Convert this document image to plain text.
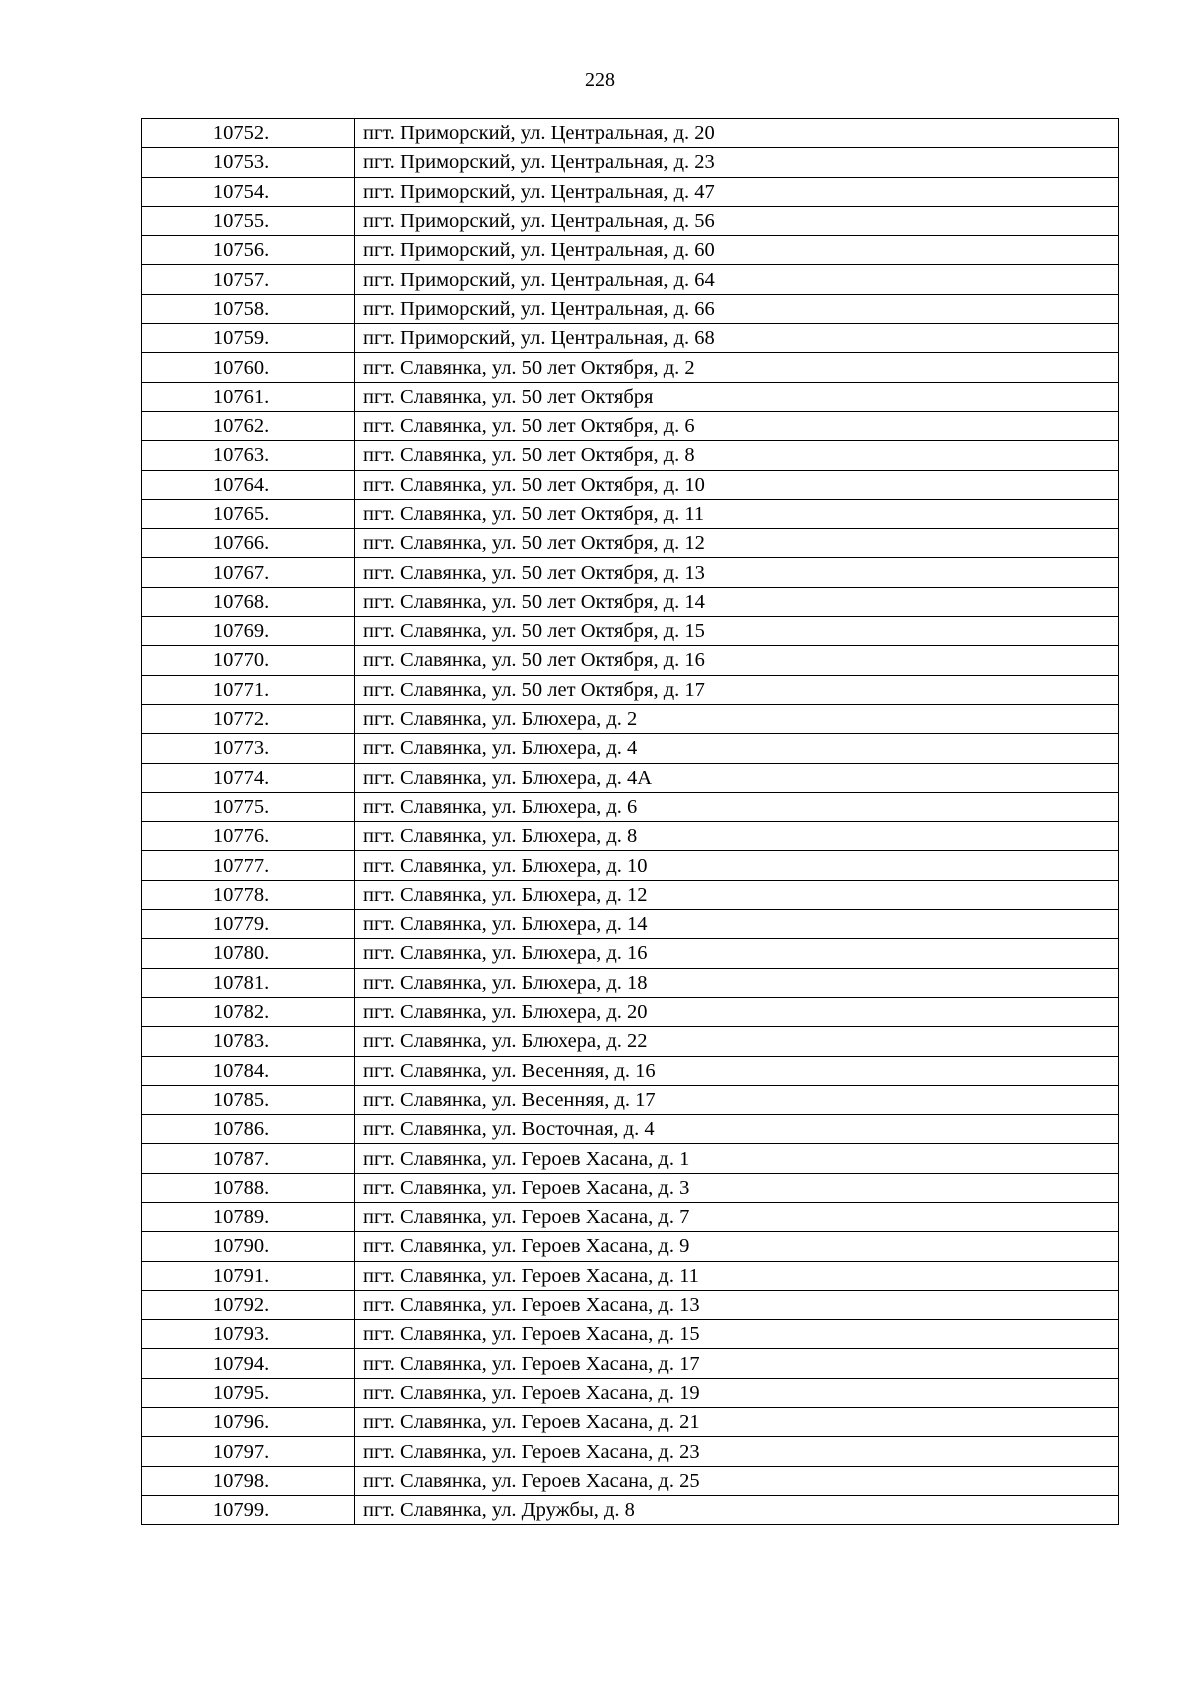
228
10752.	пгт. Приморский, ул. Центральная, д. 20
10753.	пгт. Приморский, ул. Центральная, д. 23
10754.	пгт. Приморский, ул. Центральная, д. 47
10755.	пгт. Приморский, ул. Центральная, д. 56
10756.	пгт. Приморский, ул. Центральная, д. 60
10757.	пгт. Приморский, ул. Центральная, д. 64
10758.	пгт. Приморский, ул. Центральная, д. 66
10759.	пгт. Приморский, ул. Центральная, д. 68
10760.	пгт. Славянка, ул. 50 лет Октября, д. 2
10761.	пгт. Славянка, ул. 50 лет Октября
10762.	пгт. Славянка, ул. 50 лет Октября, д. 6
10763.	пгт. Славянка, ул. 50 лет Октября, д. 8
10764.	пгт. Славянка, ул. 50 лет Октября, д. 10
10765.	пгт. Славянка, ул. 50 лет Октября, д. 11
10766.	пгт. Славянка, ул. 50 лет Октября, д. 12
10767.	пгт. Славянка, ул. 50 лет Октября, д. 13
10768.	пгт. Славянка, ул. 50 лет Октября, д. 14
10769.	пгт. Славянка, ул. 50 лет Октября, д. 15
10770.	пгт. Славянка, ул. 50 лет Октября, д. 16
10771.	пгт. Славянка, ул. 50 лет Октября, д. 17
10772.	пгт. Славянка, ул. Блюхера, д. 2
10773.	пгт. Славянка, ул. Блюхера, д. 4
10774.	пгт. Славянка, ул. Блюхера, д. 4А
10775.	пгт. Славянка, ул. Блюхера, д. 6
10776.	пгт. Славянка, ул. Блюхера, д. 8
10777.	пгт. Славянка, ул. Блюхера, д. 10
10778.	пгт. Славянка, ул. Блюхера, д. 12
10779.	пгт. Славянка, ул. Блюхера, д. 14
10780.	пгт. Славянка, ул. Блюхера, д. 16
10781.	пгт. Славянка, ул. Блюхера, д. 18
10782.	пгт. Славянка, ул. Блюхера, д. 20
10783.	пгт. Славянка, ул. Блюхера, д. 22
10784.	пгт. Славянка, ул. Весенняя, д. 16
10785.	пгт. Славянка, ул. Весенняя, д. 17
10786.	пгт. Славянка, ул. Восточная, д. 4
10787.	пгт. Славянка, ул. Героев Хасана, д. 1
10788.	пгт. Славянка, ул. Героев Хасана, д. 3
10789.	пгт. Славянка, ул. Героев Хасана, д. 7
10790.	пгт. Славянка, ул. Героев Хасана, д. 9
10791.	пгт. Славянка, ул. Героев Хасана, д. 11
10792.	пгт. Славянка, ул. Героев Хасана, д. 13
10793.	пгт. Славянка, ул. Героев Хасана, д. 15
10794.	пгт. Славянка, ул. Героев Хасана, д. 17
10795.	пгт. Славянка, ул. Героев Хасана, д. 19
10796.	пгт. Славянка, ул. Героев Хасана, д. 21
10797.	пгт. Славянка, ул. Героев Хасана, д. 23
10798.	пгт. Славянка, ул. Героев Хасана, д. 25
10799.	пгт. Славянка, ул. Дружбы, д. 8
